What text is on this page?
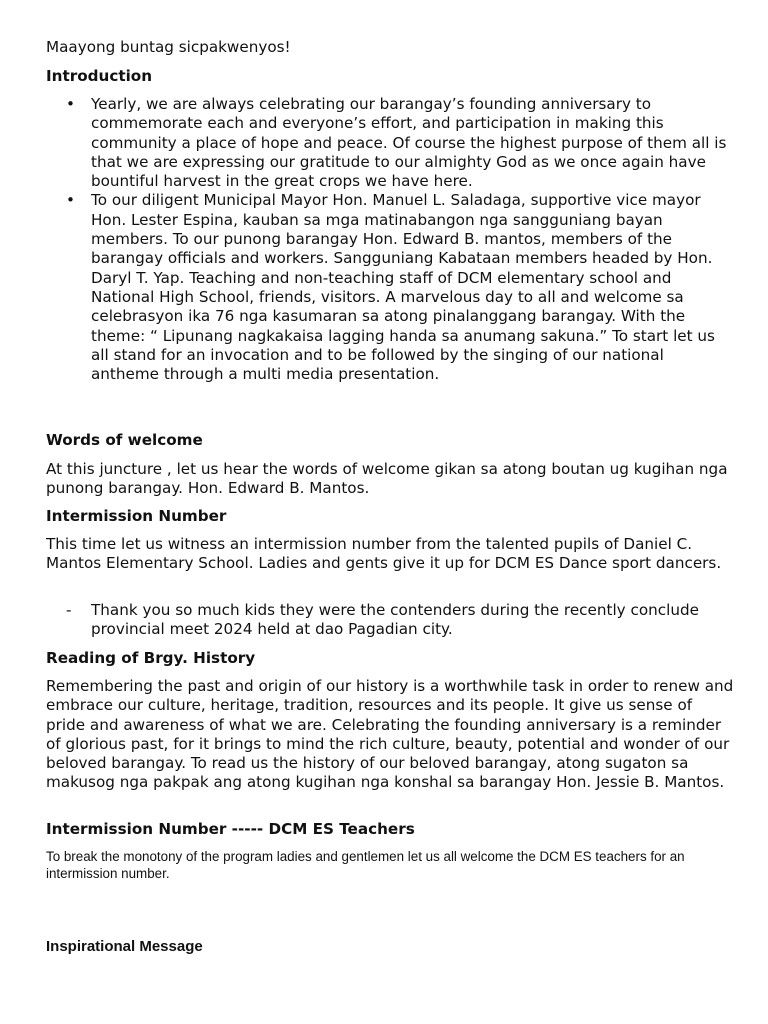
Maayong buntag sicpakwenyos!

Introduction

• Yearly, we are always celebrating our barangay’s founding anniversary to commemorate each and everyone’s effort, and participation in making this community a place of hope and peace. Of course the highest purpose of them all is that we are expressing our gratitude to our almighty God as we once again have bountiful harvest in the great crops we have here.
• To our diligent Municipal Mayor Hon. Manuel L. Saladaga, supportive vice mayor Hon. Lester Espina, kauban sa mga matinabangon nga sangguniang bayan members. To our punong barangay Hon. Edward B. mantos, members of the barangay officials and workers. Sangguniang Kabataan members headed by Hon. Daryl T. Yap. Teaching and non-teaching staff of DCM elementary school and National High School, friends, visitors. A marvelous day to all and welcome sa celebrasyon ika 76 nga kasumaran sa atong pinalanggang barangay. With the theme: “ Lipunang nagkakaisa lagging handa sa anumang sakuna.” To start let us all stand for an invocation and to be followed by the singing of our national antheme through a multi media presentation.

Words of welcome

At this juncture , let us hear the words of welcome gikan sa atong boutan ug kugihan nga punong barangay. Hon. Edward B. Mantos.

Intermission Number

This time let us witness an intermission number from the talented pupils of Daniel C. Mantos Elementary School. Ladies and gents give it up for DCM ES Dance sport dancers.

- Thank you so much kids they were the contenders during the recently conclude provincial meet 2024 held at dao Pagadian city.

Reading of Brgy. History

Remembering the past and origin of our history is a worthwhile task in order to renew and embrace our culture, heritage, tradition, resources and its people. It give us sense of pride and awareness of what we are. Celebrating the founding anniversary is a reminder of glorious past, for it brings to mind the rich culture, beauty, potential and wonder of our beloved barangay. To read us the history of our beloved barangay, atong sugaton sa makusog nga pakpak ang atong kugihan nga konshal sa barangay Hon. Jessie B. Mantos.

Intermission Number ----- DCM ES Teachers

To break the monotony of the program ladies and gentlemen let us all welcome the DCM ES teachers for an intermission number.

Inspirational Message
